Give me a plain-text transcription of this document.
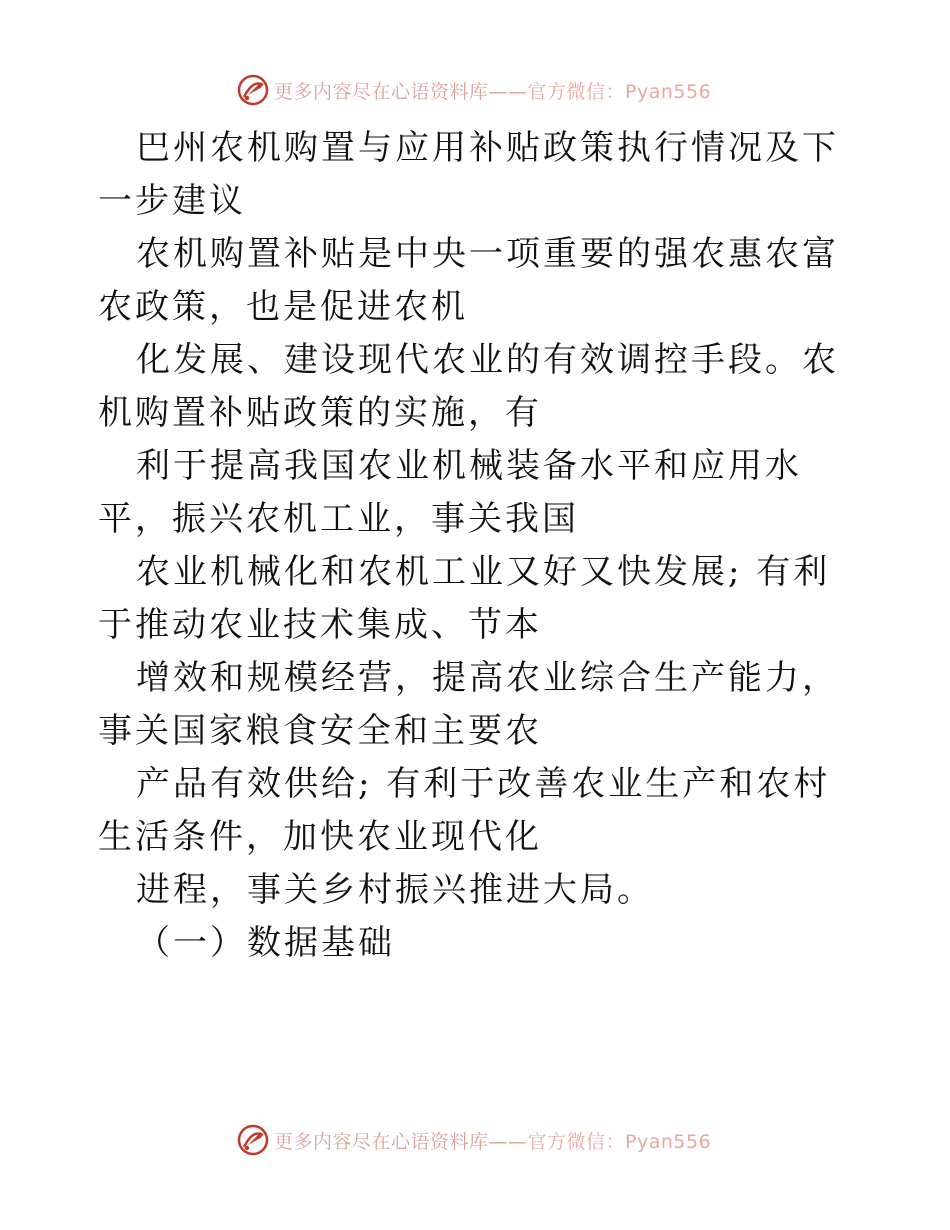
更多内容尽在心语资料库——官方微信：Pyan556

巴州农机购置与应用补贴政策执行情况及下一步建议

农机购置补贴是中央一项重要的强农惠农富农政策，也是促进农机

化发展、建设现代农业的有效调控手段。农机购置补贴政策的实施，有

利于提高我国农业机械装备水平和应用水平，振兴农机工业，事关我国

农业机械化和农机工业又好又快发展; 有利于推动农业技术集成、节本

增效和规模经营，提高农业综合生产能力，事关国家粮食安全和主要农

产品有效供给; 有利于改善农业生产和农村生活条件，加快农业现代化

进程，事关乡村振兴推进大局。

（一）数据基础

更多内容尽在心语资料库——官方微信：Pyan556
